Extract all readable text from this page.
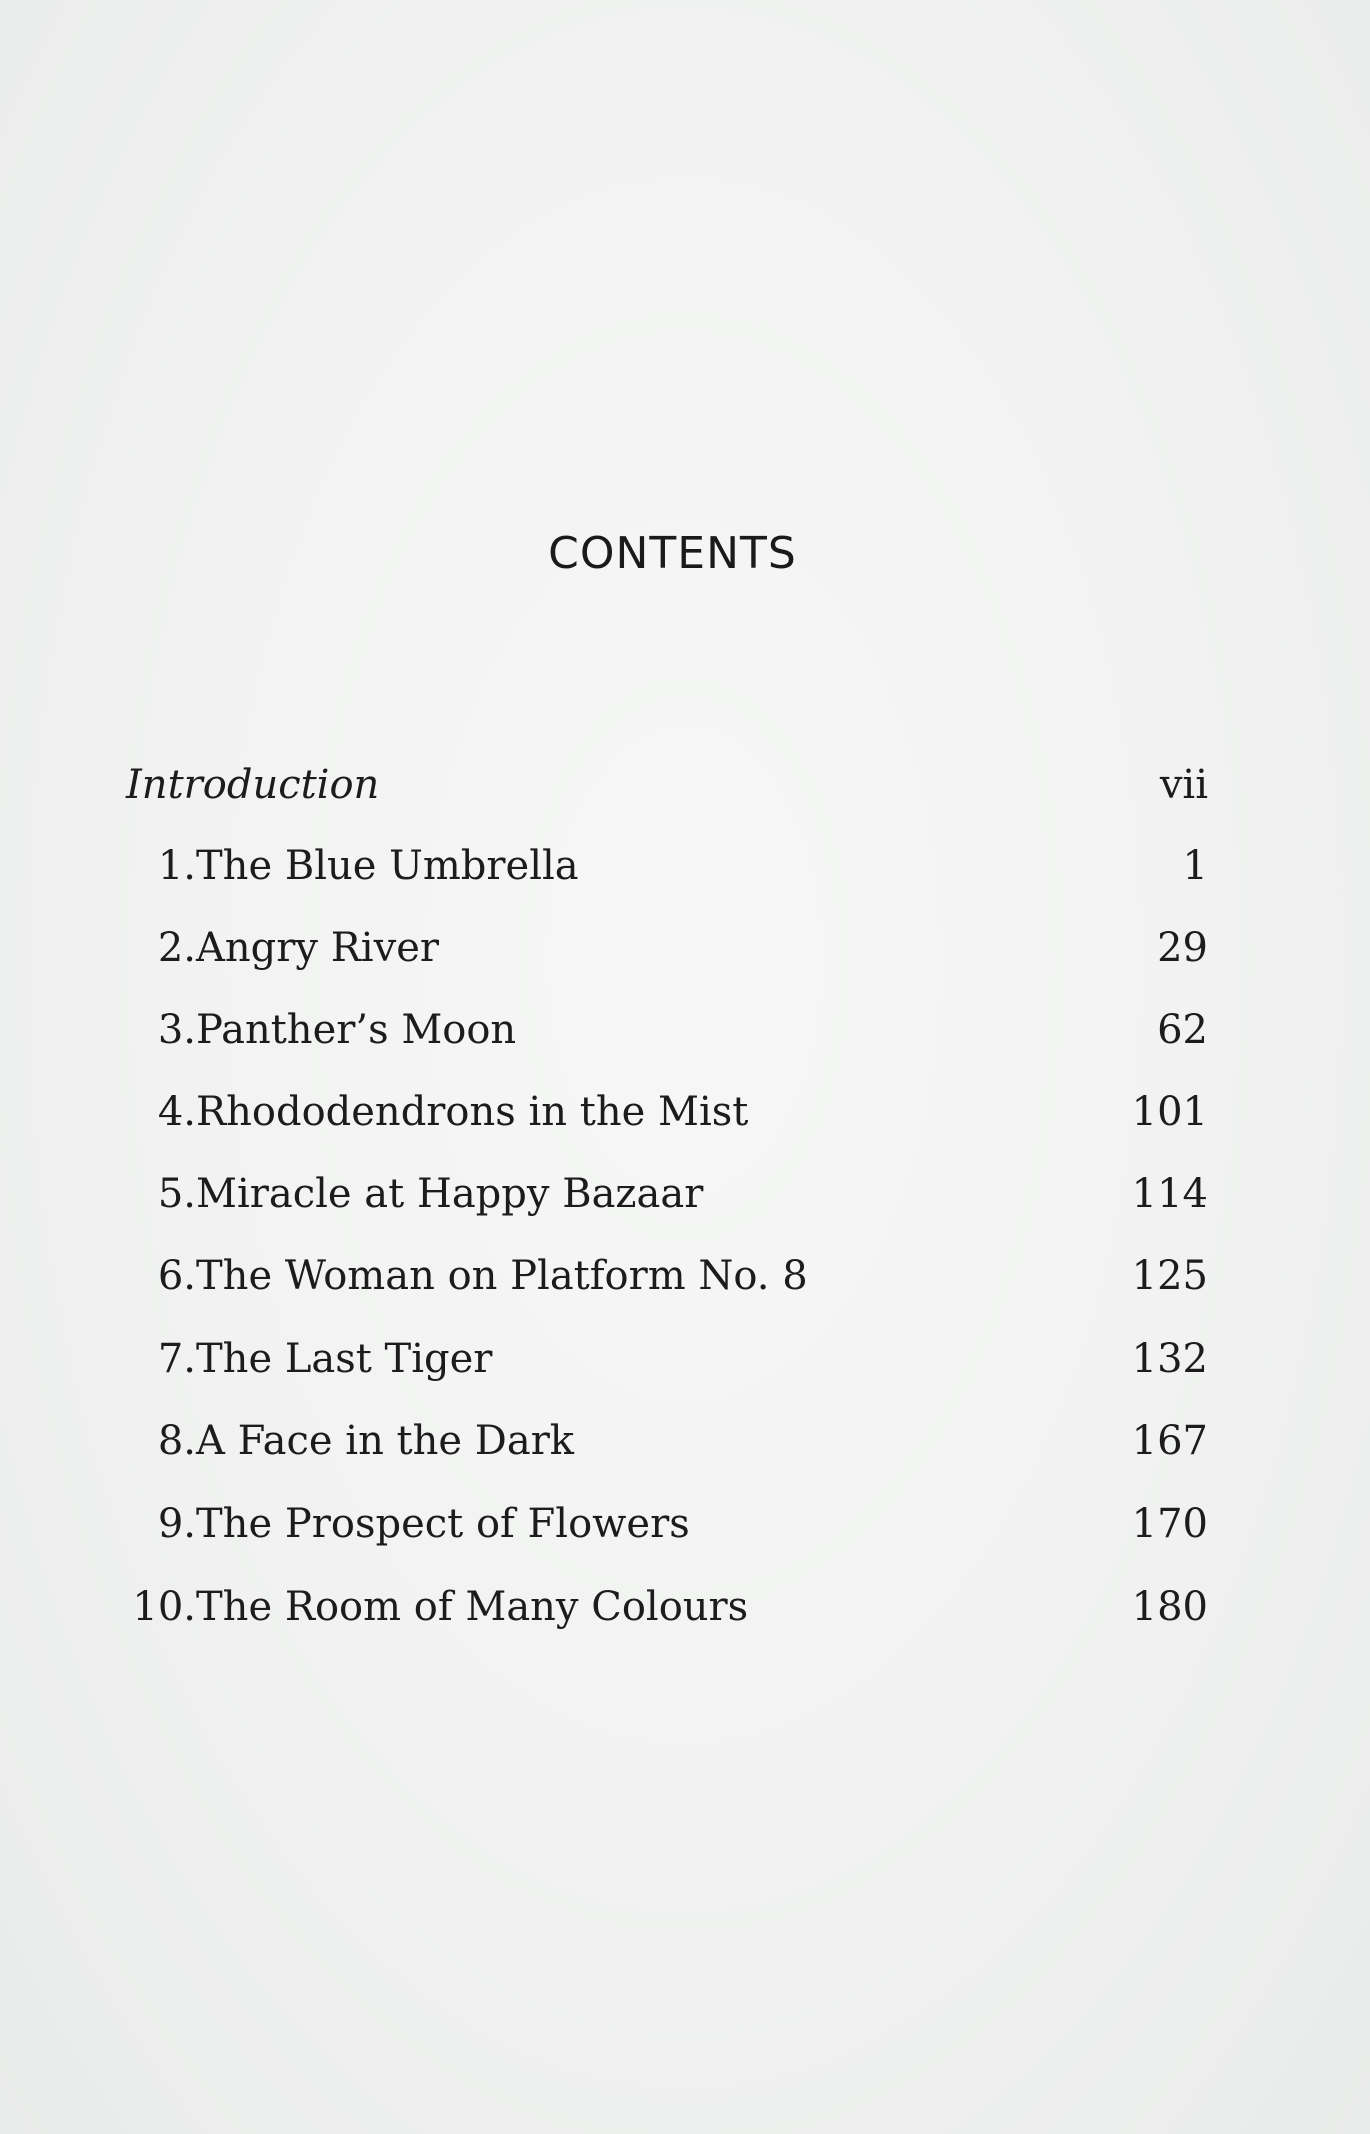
CONTENTS
Introduction	vii
1. The Blue Umbrella	1
2. Angry River	29
3. Panther’s Moon	62
4. Rhododendrons in the Mist	101
5. Miracle at Happy Bazaar	114
6. The Woman on Platform No. 8	125
7. The Last Tiger	132
8. A Face in the Dark	167
9. The Prospect of Flowers	170
10. The Room of Many Colours	180
